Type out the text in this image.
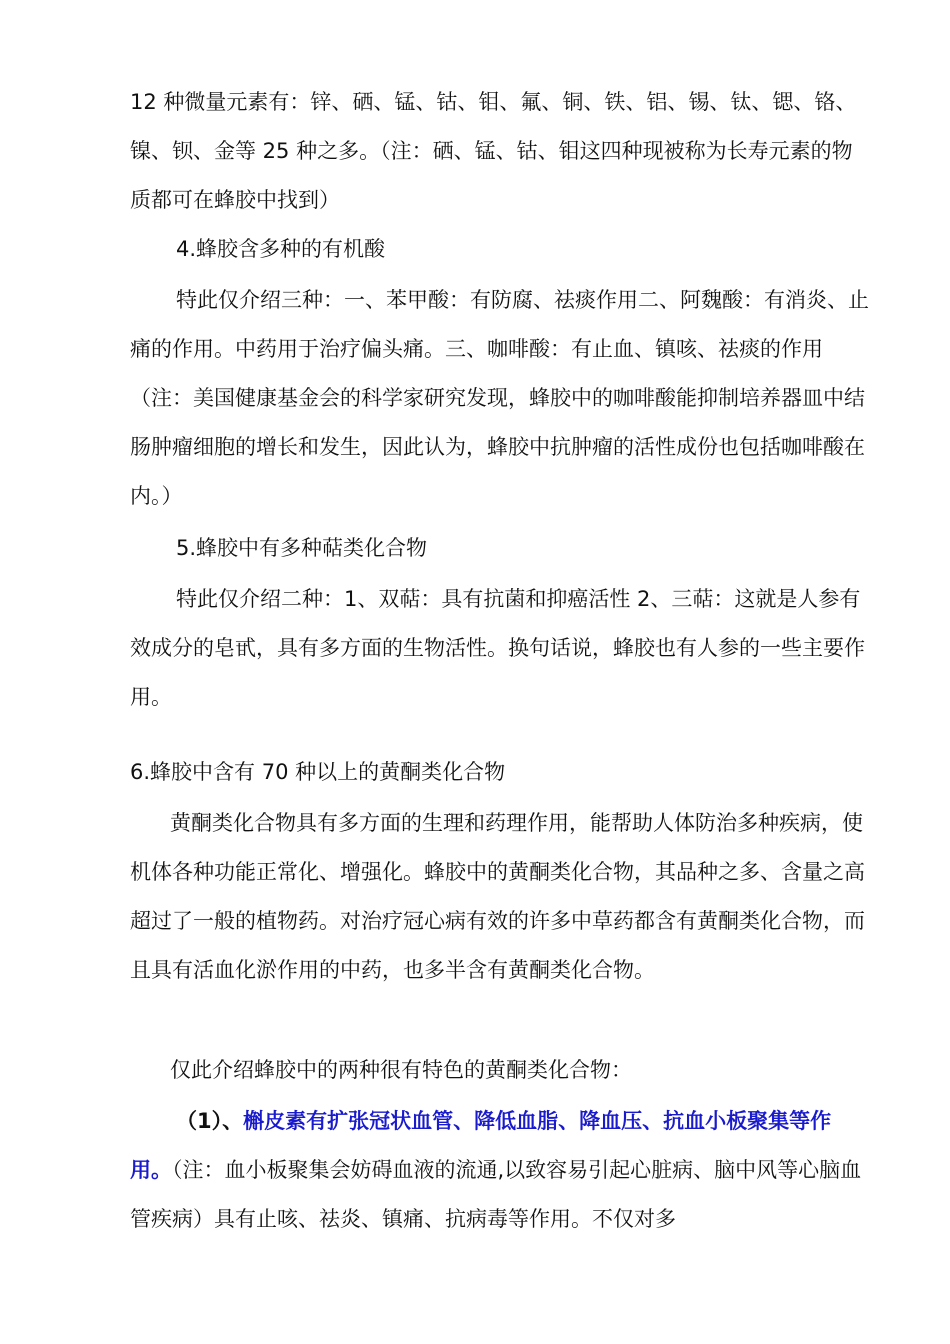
12 种微量元素有：锌、硒、锰、钴、钼、氟、铜、铁、铝、锡、钛、锶、铬、镍、钡、金等 25 种之多。（注：硒、锰、钴、钼这四种现被称为长寿元素的物质都可在蜂胶中找到）

4.蜂胶含多种的有机酸

特此仅介绍三种：一、苯甲酸：有防腐、祛痰作用二、阿魏酸：有消炎、止痛的作用。中药用于治疗偏头痛。三、咖啡酸：有止血、镇咳、祛痰的作用（注：美国健康基金会的科学家研究发现，蜂胶中的咖啡酸能抑制培养器皿中结肠肿瘤细胞的增长和发生，因此认为，蜂胶中抗肿瘤的活性成份也包括咖啡酸在内。）

5.蜂胶中有多种萜类化合物

特此仅介绍二种：1、双萜：具有抗菌和抑癌活性 2、三萜：这就是人参有效成分的皂甙，具有多方面的生物活性。换句话说，蜂胶也有人参的一些主要作用。

6.蜂胶中含有 70 种以上的黄酮类化合物

黄酮类化合物具有多方面的生理和药理作用，能帮助人体防治多种疾病，使机体各种功能正常化、增强化。蜂胶中的黄酮类化合物，其品种之多、含量之高超过了一般的植物药。对治疗冠心病有效的许多中草药都含有黄酮类化合物，而且具有活血化淤作用的中药，也多半含有黄酮类化合物。

仅此介绍蜂胶中的两种很有特色的黄酮类化合物：

（1）、槲皮素有扩张冠状血管、降低血脂、降血压、抗血小板聚集等作用。（注：血小板聚集会妨碍血液的流通,以致容易引起心脏病、脑中风等心脑血管疾病）具有止咳、祛炎、镇痛、抗病毒等作用。不仅对多
